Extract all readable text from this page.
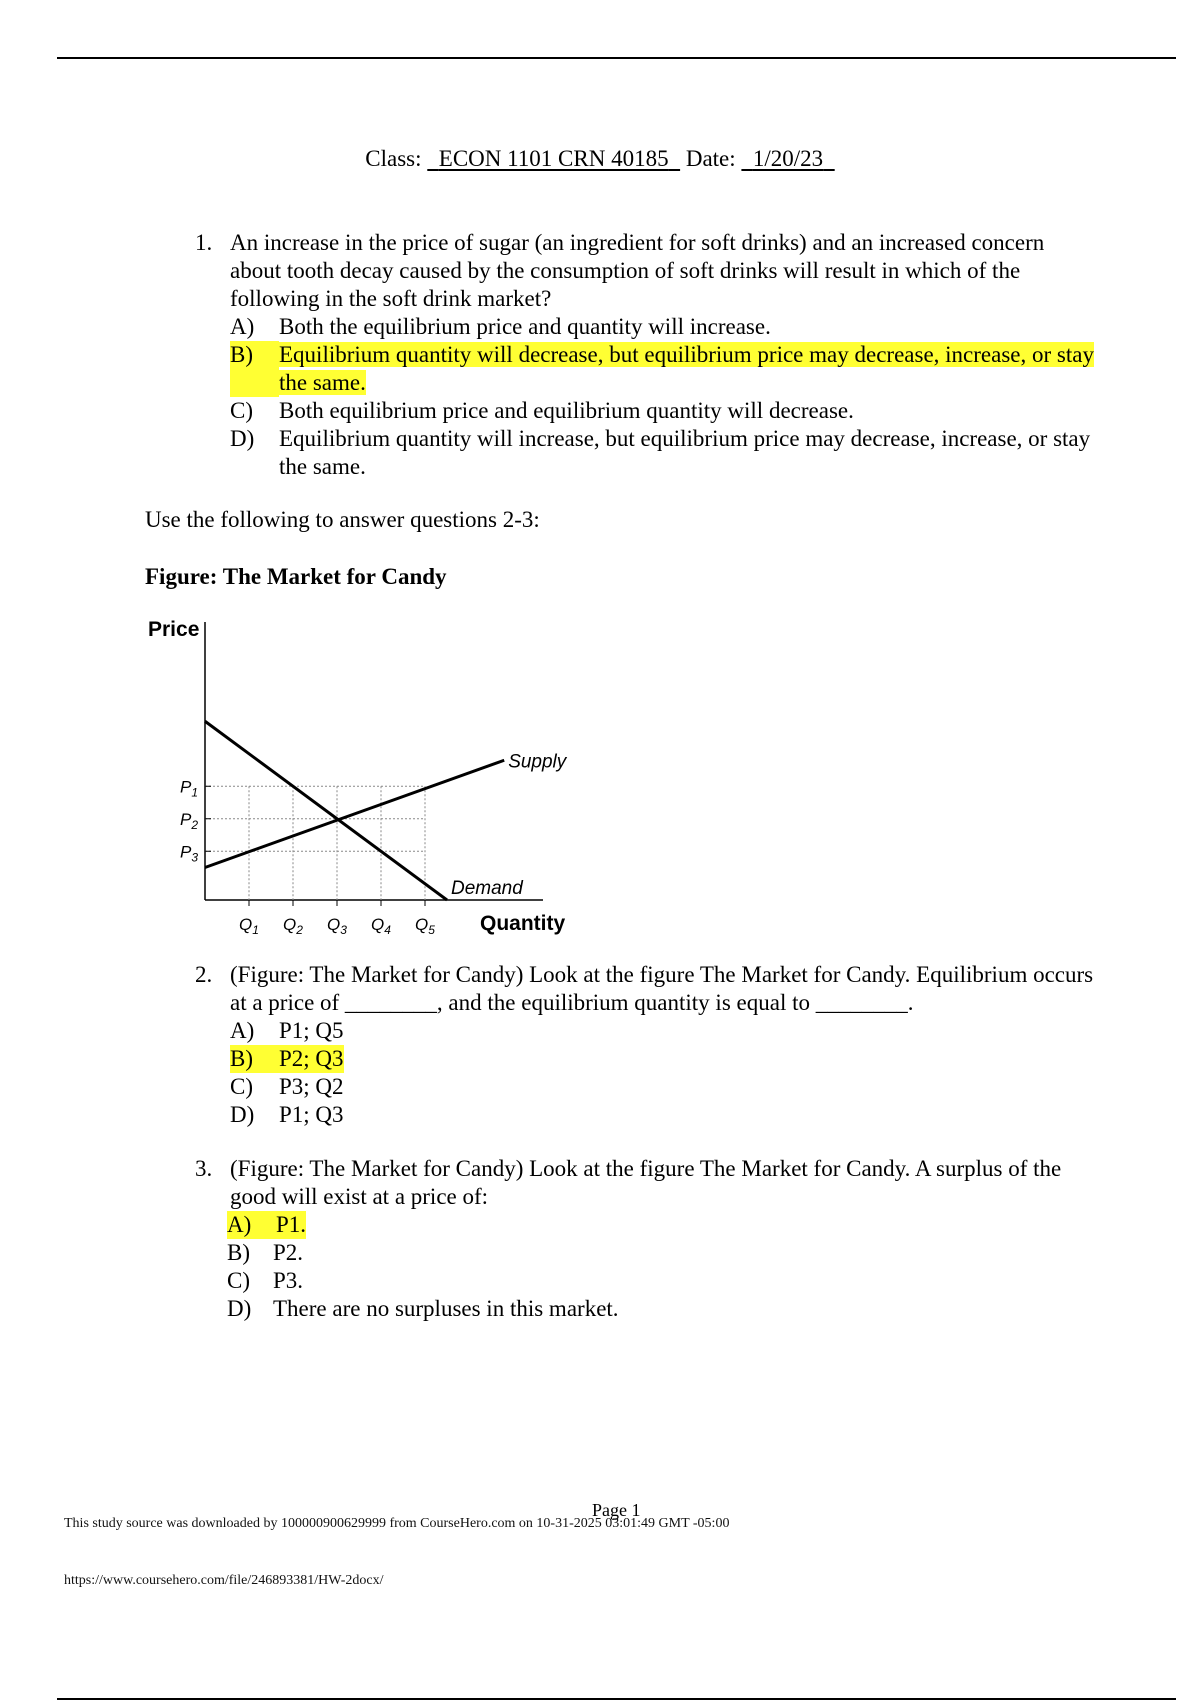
Class: ECON 1101 CRN 40185 Date: 1/20/23
1. An increase in the price of sugar (an ingredient for soft drinks) and an increased concern about tooth decay caused by the consumption of soft drinks will result in which of the following in the soft drink market?
A)	Both the equilibrium price and quantity will increase.
B)	Equilibrium quantity will decrease, but equilibrium price may decrease, increase, or stay the same.
C)	Both equilibrium price and equilibrium quantity will decrease.
D)	Equilibrium quantity will increase, but equilibrium price may decrease, increase, or stay the same.
Use the following to answer questions 2-3:
Figure: The Market for Candy
Price
Quantity
$P_1$
$P_2$
$P_3$
$Q_1$ $Q_2$ $Q_3$ $Q_4$ $Q_5$
Supply
Demand
2. (Figure: The Market for Candy) Look at the figure The Market for Candy. Equilibrium occurs at a price of ________, and the equilibrium quantity is equal to ________.
A)	P1; Q5
B)	P2; Q3
C)	P3; Q2
D)	P1; Q3
3. (Figure: The Market for Candy) Look at the figure The Market for Candy. A surplus of the good will exist at a price of:
A)	P1.
B)	P2.
C)	P3.
D) There are no surpluses in this market.
Page 1
This study source was downloaded by 100000900629999 from CourseHero.com on 10-31-2025 03:01:49 GMT -05:00
https://www.coursehero.com/file/246893381/HW-2docx/
